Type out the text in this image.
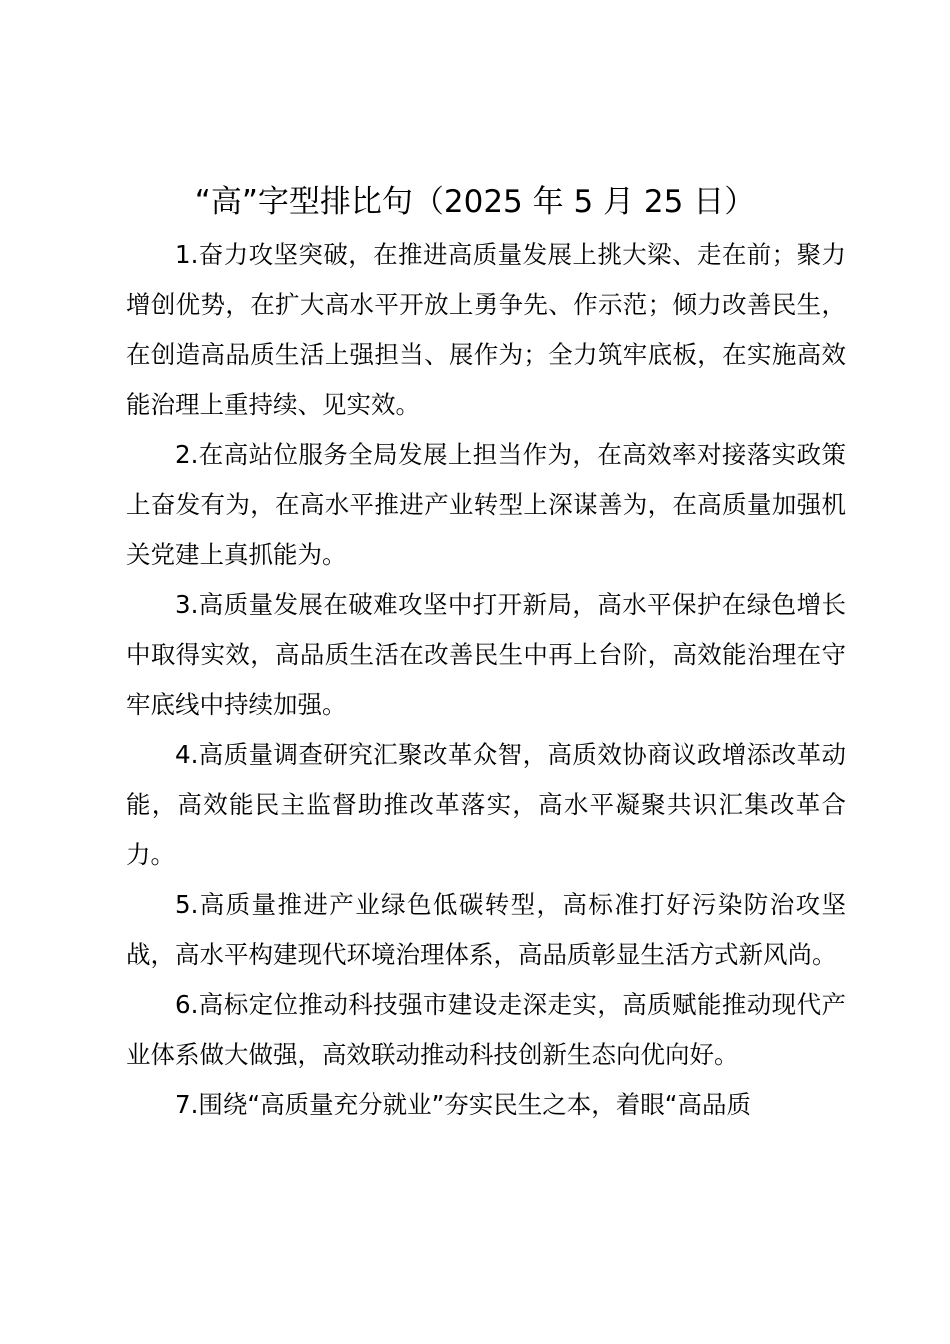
“高”字型排比句（2025 年 5 月 25 日）

1.奋力攻坚突破，在推进高质量发展上挑大梁、走在前；聚力增创优势，在扩大高水平开放上勇争先、作示范；倾力改善民生，在创造高品质生活上强担当、展作为；全力筑牢底板，在实施高效能治理上重持续、见实效。

2.在高站位服务全局发展上担当作为，在高效率对接落实政策上奋发有为，在高水平推进产业转型上深谋善为，在高质量加强机关党建上真抓能为。

3.高质量发展在破难攻坚中打开新局，高水平保护在绿色增长中取得实效，高品质生活在改善民生中再上台阶，高效能治理在守牢底线中持续加强。

4.高质量调查研究汇聚改革众智，高质效协商议政增添改革动能，高效能民主监督助推改革落实，高水平凝聚共识汇集改革合力。

5.高质量推进产业绿色低碳转型，高标准打好污染防治攻坚战，高水平构建现代环境治理体系，高品质彰显生活方式新风尚。

6.高标定位推动科技强市建设走深走实，高质赋能推动现代产业体系做大做强，高效联动推动科技创新生态向优向好。

7.围绕“高质量充分就业”夯实民生之本，着眼“高品质
